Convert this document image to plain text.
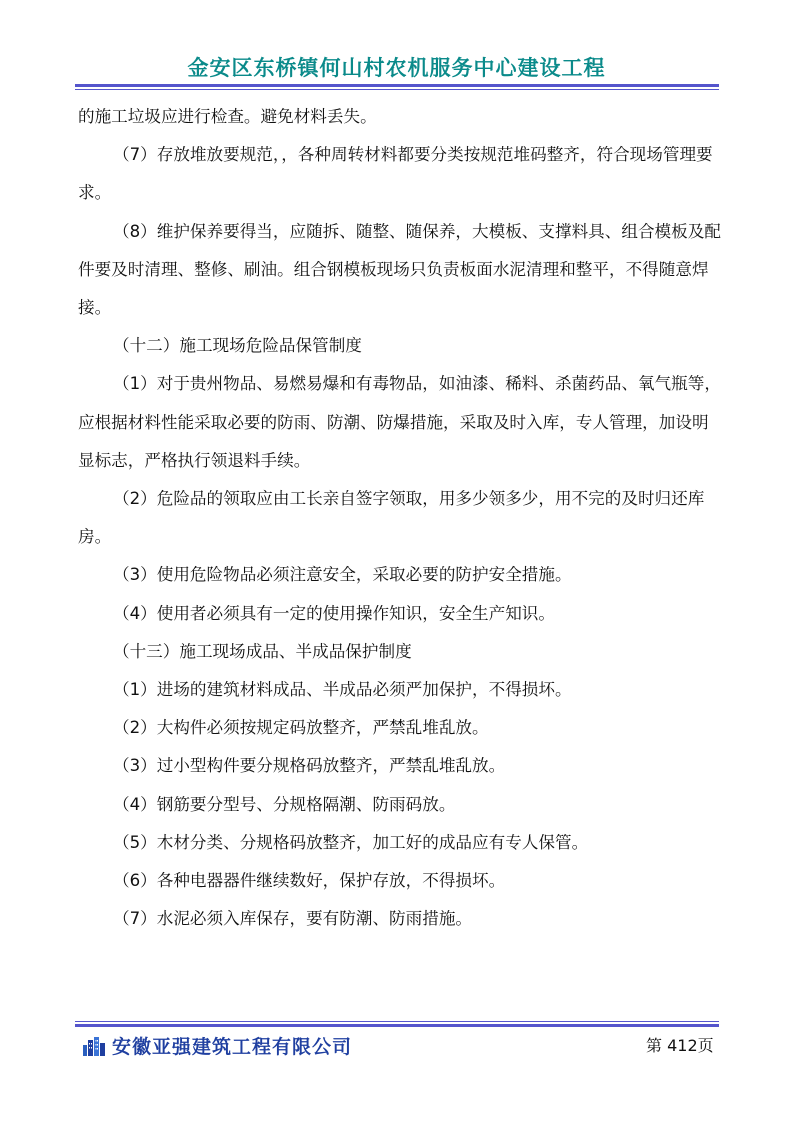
金安区东桥镇何山村农机服务中心建设工程

的施工垃圾应进行检查。避免材料丢失。

（7）存放堆放要规范，，各种周转材料都要分类按规范堆码整齐，符合现场管理要求。

（8）维护保养要得当，应随拆、随整、随保养，大模板、支撑料具、组合模板及配件要及时清理、整修、刷油。组合钢模板现场只负责板面水泥清理和整平，不得随意焊接。

（十二）施工现场危险品保管制度

（1）对于贵州物品、易燃易爆和有毒物品，如油漆、稀料、杀菌药品、氧气瓶等，应根据材料性能采取必要的防雨、防潮、防爆措施，采取及时入库，专人管理，加设明显标志，严格执行领退料手续。

（2）危险品的领取应由工长亲自签字领取，用多少领多少，用不完的及时归还库房。

（3）使用危险物品必须注意安全，采取必要的防护安全措施。

（4）使用者必须具有一定的使用操作知识，安全生产知识。

（十三）施工现场成品、半成品保护制度

（1）进场的建筑材料成品、半成品必须严加保护，不得损坏。

（2）大构件必须按规定码放整齐，严禁乱堆乱放。

（3）过小型构件要分规格码放整齐，严禁乱堆乱放。

（4）钢筋要分型号、分规格隔潮、防雨码放。

（5）木材分类、分规格码放整齐，加工好的成品应有专人保管。

（6）各种电器器件继续数好，保护存放，不得损坏。

（7）水泥必须入库保存，要有防潮、防雨措施。

安徽亚强建筑工程有限公司	第 412页
